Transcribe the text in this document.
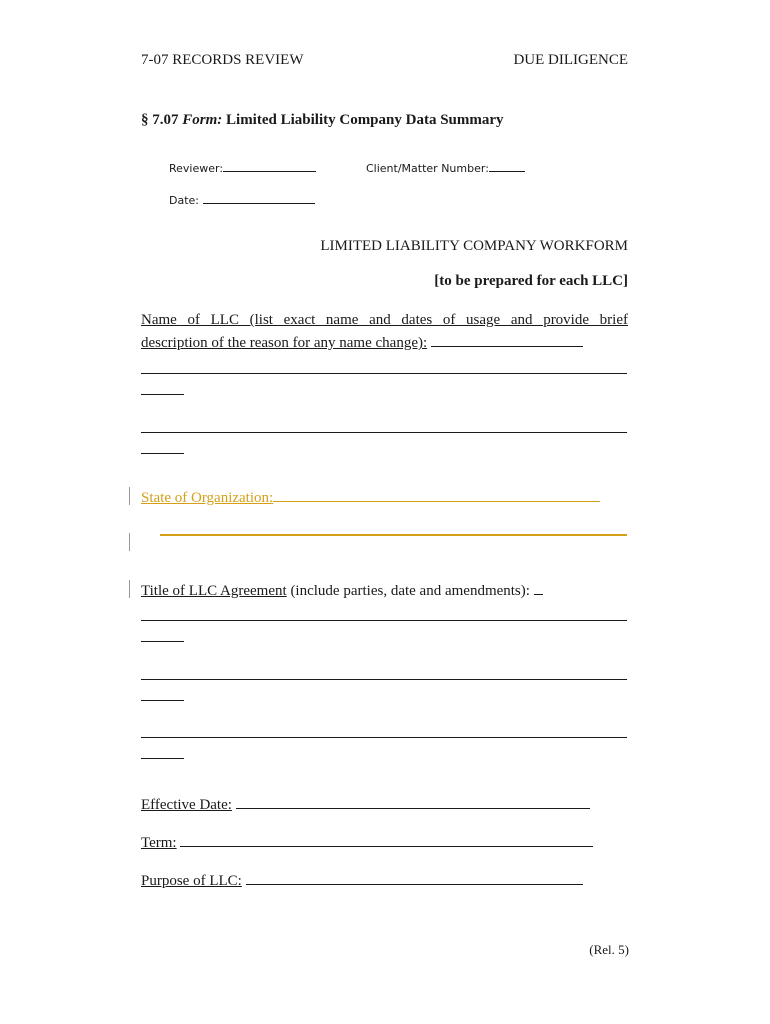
7-07 RECORDS REVIEW	DUE DILIGENCE
§ 7.07 Form: Limited Liability Company Data Summary
Reviewer:	Client/Matter Number:
Date:
LIMITED LIABILITY COMPANY WORKFORM
[to be prepared for each LLC]
Name of LLC (list exact name and dates of usage and provide brief
description of the reason for any name change):
State of Organization:
Title of LLC Agreement (include parties, date and amendments):
Effective Date:
Term:
Purpose of LLC:
(Rel. 5)
